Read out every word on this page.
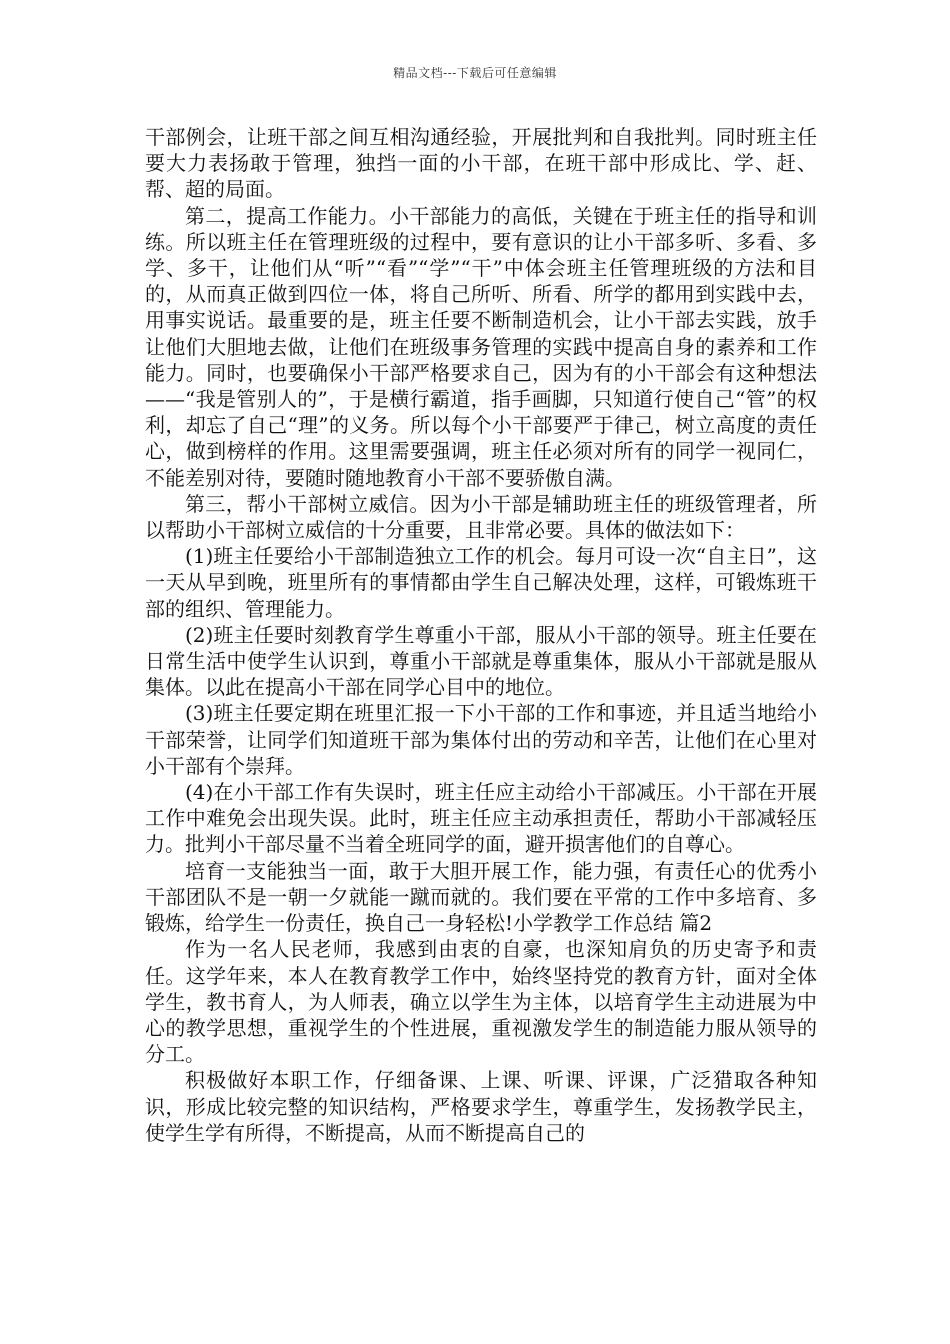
精品文档---下载后可任意编辑

干部例会，让班干部之间互相沟通经验，开展批判和自我批判。同时班主任要大力表扬敢于管理，独挡一面的小干部，在班干部中形成比、学、赶、帮、超的局面。

第二，提高工作能力。小干部能力的高低，关键在于班主任的指导和训练。所以班主任在管理班级的过程中，要有意识的让小干部多听、多看、多学、多干，让他们从“听”“看”“学”“干”中体会班主任管理班级的方法和目的，从而真正做到四位一体，将自己所听、所看、所学的都用到实践中去，用事实说话。最重要的是，班主任要不断制造机会，让小干部去实践，放手让他们大胆地去做，让他们在班级事务管理的实践中提高自身的素养和工作能力。同时，也要确保小干部严格要求自己，因为有的小干部会有这种想法——“我是管别人的”，于是横行霸道，指手画脚，只知道行使自己“管”的权利，却忘了自己“理”的义务。所以每个小干部要严于律己，树立高度的责任心，做到榜样的作用。这里需要强调，班主任必须对所有的同学一视同仁，不能差别对待，要随时随地教育小干部不要骄傲自满。

第三，帮小干部树立威信。因为小干部是辅助班主任的班级管理者，所以帮助小干部树立威信的十分重要，且非常必要。具体的做法如下：

(1)班主任要给小干部制造独立工作的机会。每月可设一次“自主日”，这一天从早到晚，班里所有的事情都由学生自己解决处理，这样，可锻炼班干部的组织、管理能力。

(2)班主任要时刻教育学生尊重小干部，服从小干部的领导。班主任要在日常生活中使学生认识到，尊重小干部就是尊重集体，服从小干部就是服从集体。以此在提高小干部在同学心目中的地位。

(3)班主任要定期在班里汇报一下小干部的工作和事迹，并且适当地给小干部荣誉，让同学们知道班干部为集体付出的劳动和辛苦，让他们在心里对小干部有个崇拜。

(4)在小干部工作有失误时，班主任应主动给小干部减压。小干部在开展工作中难免会出现失误。此时，班主任应主动承担责任，帮助小干部减轻压力。批判小干部尽量不当着全班同学的面，避开损害他们的自尊心。

培育一支能独当一面，敢于大胆开展工作，能力强，有责任心的优秀小干部团队不是一朝一夕就能一蹴而就的。我们要在平常的工作中多培育、多锻炼，给学生一份责任，换自己一身轻松!小学教学工作总结 篇2

作为一名人民老师，我感到由衷的自豪，也深知肩负的历史寄予和责任。这学年来，本人在教育教学工作中，始终坚持党的教育方针，面对全体学生，教书育人，为人师表，确立以学生为主体，以培育学生主动进展为中心的教学思想，重视学生的个性进展，重视激发学生的制造能力服从领导的分工。

积极做好本职工作，仔细备课、上课、听课、评课，广泛猎取各种知识，形成比较完整的知识结构，严格要求学生，尊重学生，发扬教学民主，使学生学有所得，不断提高，从而不断提高自己的
